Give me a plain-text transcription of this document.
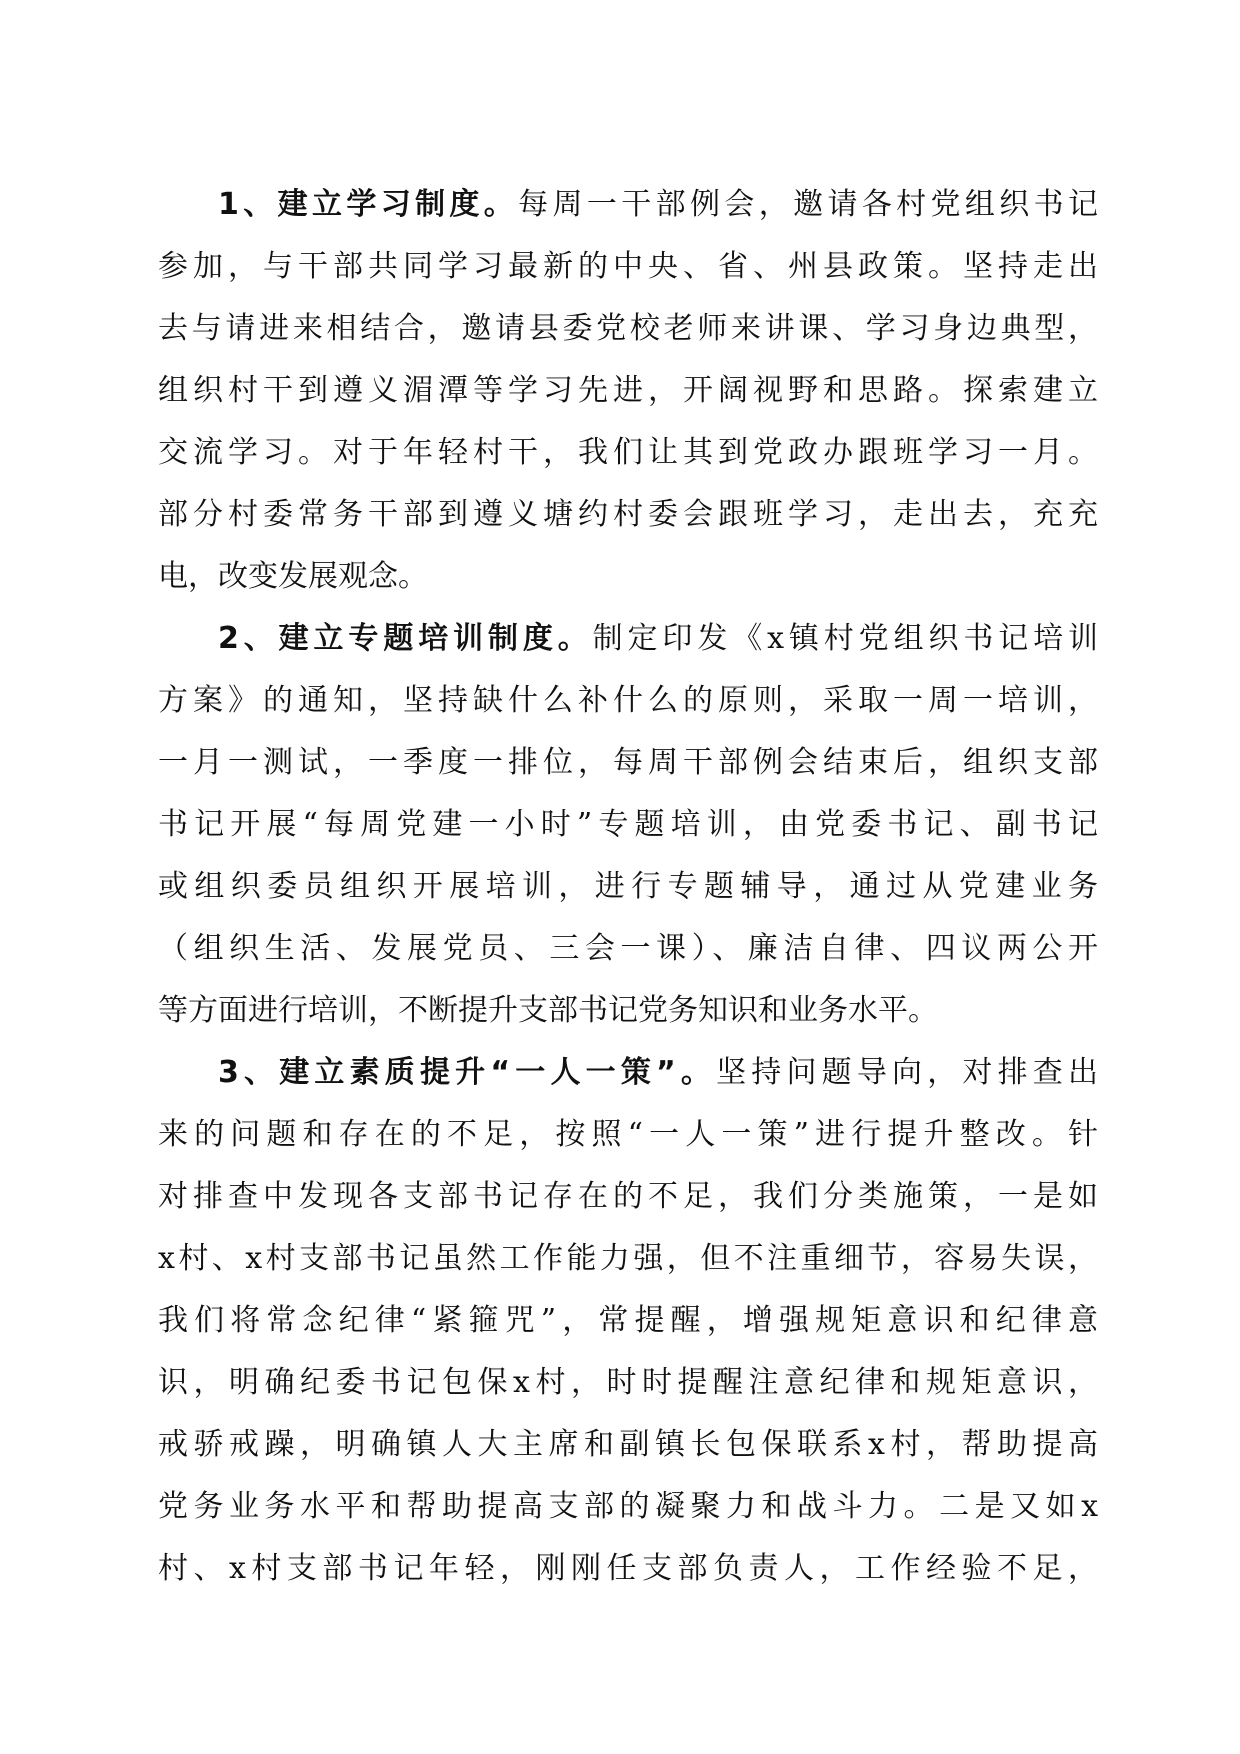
1、建立学习制度。每周一干部例会，邀请各村党组织书记
参加，与干部共同学习最新的中央、省、州县政策。坚持走出
去与请进来相结合，邀请县委党校老师来讲课、学习身边典型，
组织村干到遵义湄潭等学习先进，开阔视野和思路。探索建立
交流学习。对于年轻村干，我们让其到党政办跟班学习一月。
部分村委常务干部到遵义塘约村委会跟班学习，走出去，充充
电，改变发展观念。
2、建立专题培训制度。制定印发《x镇村党组织书记培训
方案》的通知，坚持缺什么补什么的原则，采取一周一培训，
一月一测试，一季度一排位，每周干部例会结束后，组织支部
书记开展“每周党建一小时”专题培训，由党委书记、副书记
或组织委员组织开展培训，进行专题辅导，通过从党建业务
（组织生活、发展党员、三会一课）、廉洁自律、四议两公开
等方面进行培训，不断提升支部书记党务知识和业务水平。
3、建立素质提升“一人一策”。坚持问题导向，对排查出
来的问题和存在的不足，按照“一人一策”进行提升整改。针
对排查中发现各支部书记存在的不足，我们分类施策，一是如
x村、x村支部书记虽然工作能力强，但不注重细节，容易失误，
我们将常念纪律“紧箍咒”，常提醒，增强规矩意识和纪律意
识，明确纪委书记包保x村，时时提醒注意纪律和规矩意识，
戒骄戒躁，明确镇人大主席和副镇长包保联系x村，帮助提高
党务业务水平和帮助提高支部的凝聚力和战斗力。二是又如x
村、x村支部书记年轻，刚刚任支部负责人，工作经验不足，
